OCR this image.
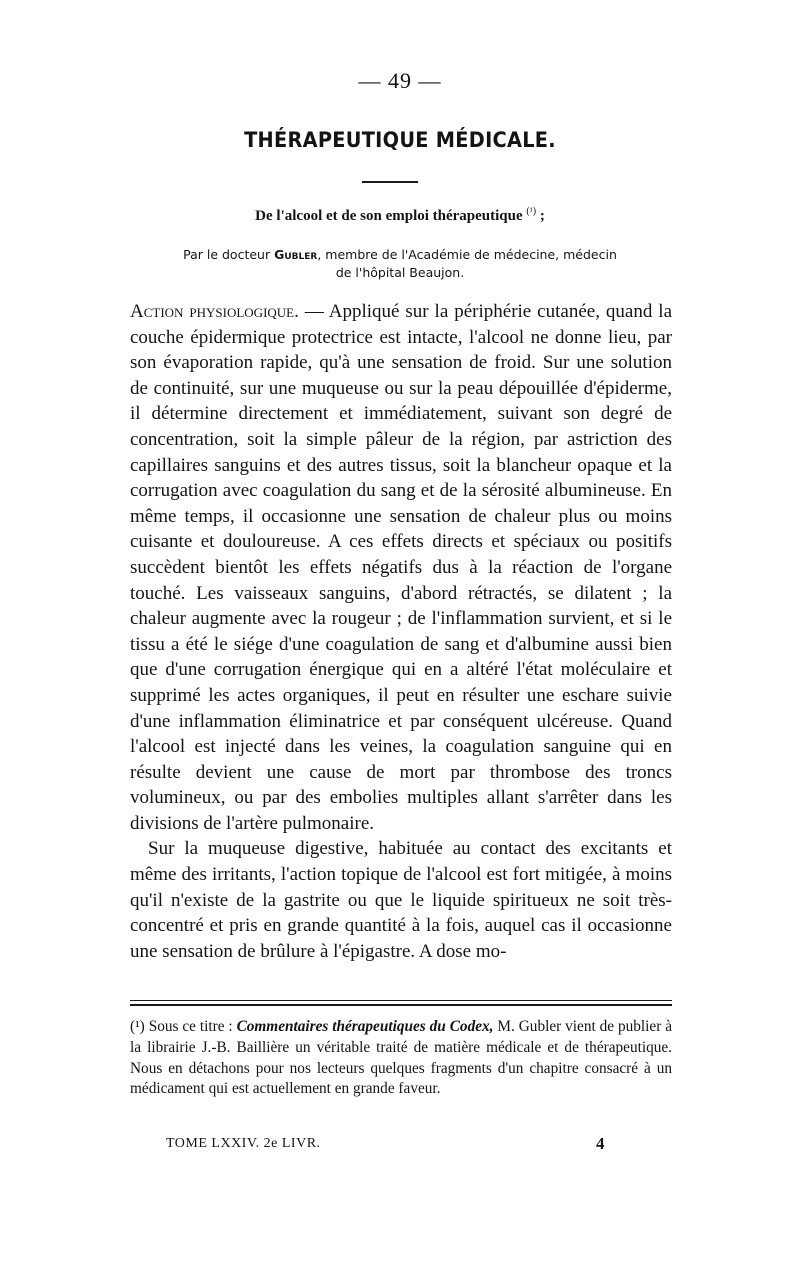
— 49 —
THÉRAPEUTIQUE MÉDICALE.
De l'alcool et de son emploi thérapeutique $^{(^1)}$ ;
Par le docteur Gubler, membre de l'Académie de médecine, médecin
de l'hôpital Beaujon.

Action physiologique. — Appliqué sur la périphérie cutanée, quand la couche épidermique protectrice est intacte, l'alcool ne donne lieu, par son évaporation rapide, qu'à une sensation de froid. Sur une solution de continuité, sur une muqueuse ou sur la peau dépouillée d'épiderme, il détermine directement et immédiatement, suivant son degré de concentration, soit la simple pâleur de la région, par astriction des capillaires sanguins et des autres tissus, soit la blancheur opaque et la corrugation avec coagulation du sang et de la sérosité albumineuse. En même temps, il occasionne une sensation de chaleur plus ou moins cuisante et douloureuse. A ces effets directs et spéciaux ou positifs succèdent bientôt les effets négatifs dus à la réaction de l'organe touché. Les vaisseaux sanguins, d'abord rétractés, se dilatent ; la chaleur augmente avec la rougeur ; de l'inflammation survient, et si le tissu a été le siége d'une coagulation de sang et d'albumine aussi bien que d'une corrugation énergique qui en a altéré l'état moléculaire et supprimé les actes organiques, il peut en résulter une eschare suivie d'une inflammation éliminatrice et par conséquent ulcéreuse. Quand l'alcool est injecté dans les veines, la coagulation sanguine qui en résulte devient une cause de mort par thrombose des troncs volumineux, ou par des embolies multiples allant s'arrêter dans les divisions de l'artère pulmonaire.

Sur la muqueuse digestive, habituée au contact des excitants et même des irritants, l'action topique de l'alcool est fort mitigée, à moins qu'il n'existe de la gastrite ou que le liquide spiritueux ne soit très-concentré et pris en grande quantité à la fois, auquel cas il occasionne une sensation de brûlure à l'épigastre. A dose mo-

(¹) Sous ce titre : Commentaires thérapeutiques du Codex, M. Gubler vient de publier à la librairie J.-B. Baillière un véritable traité de matière médicale et de thérapeutique. Nous en détachons pour nos lecteurs quelques fragments d'un chapitre consacré à un médicament qui est actuellement en grande faveur.
TOME LXXIV. 2e LIVR.	4
